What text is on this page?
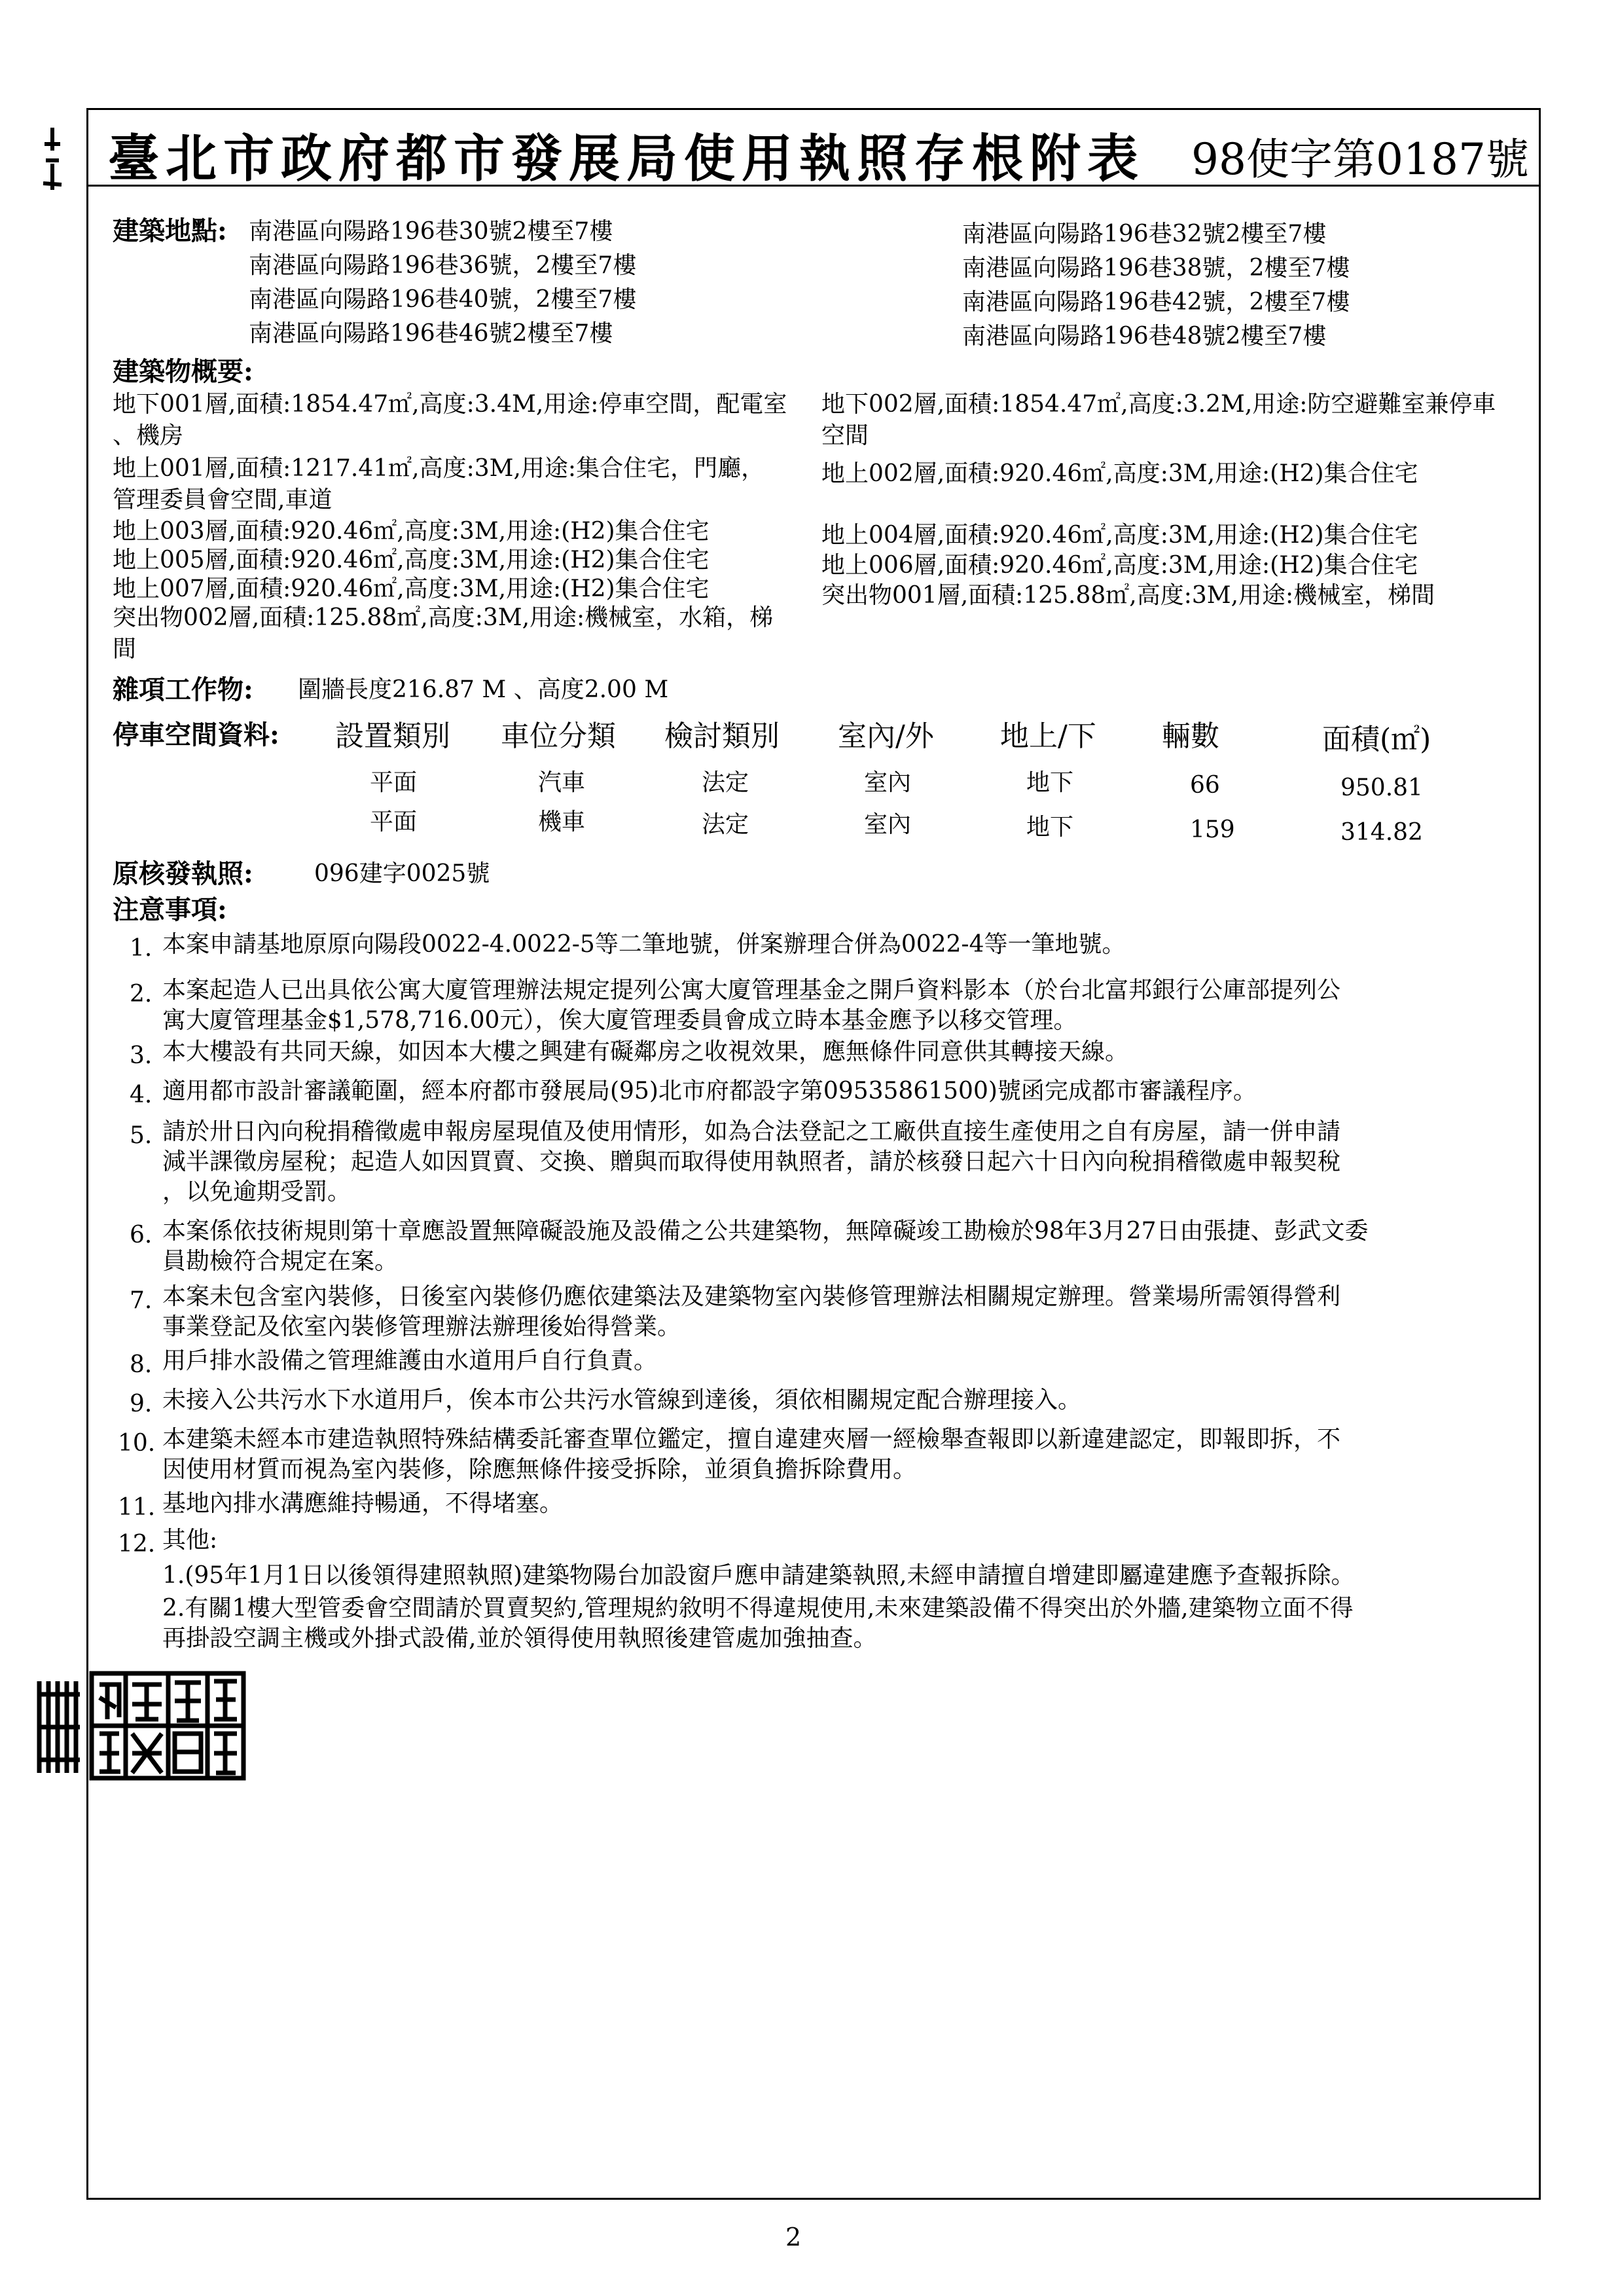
臺北市政府都市發展局使用執照存根附表 98使字第0187號
建築地點: 南港區向陽路196巷30號2樓至7樓
南港區向陽路196巷36號，2樓至7樓
南港區向陽路196巷40號，2樓至7樓
南港區向陽路196巷46號2樓至7樓
南港區向陽路196巷32號2樓至7樓
南港區向陽路196巷38號，2樓至7樓
南港區向陽路196巷42號，2樓至7樓
南港區向陽路196巷48號2樓至7樓
建築物概要:
地下001層,面積:1854.47㎡,高度:3.4M,用途:停車空間，配電室
、機房
地下002層,面積:1854.47㎡,高度:3.2M,用途:防空避難室兼停車
空間
地上001層,面積:1217.41㎡,高度:3M,用途:集合住宅，門廳，
管理委員會空間,車道
地上002層,面積:920.46㎡,高度:3M,用途:(H2)集合住宅
地上003層,面積:920.46㎡,高度:3M,用途:(H2)集合住宅	地上004層,面積:920.46㎡,高度:3M,用途:(H2)集合住宅
地上005層,面積:920.46㎡,高度:3M,用途:(H2)集合住宅	地上006層,面積:920.46㎡,高度:3M,用途:(H2)集合住宅
地上007層,面積:920.46㎡,高度:3M,用途:(H2)集合住宅	突出物001層,面積:125.88㎡,高度:3M,用途:機械室，梯間
突出物002層,面積:125.88㎡,高度:3M,用途:機械室，水箱，梯
間
雜項工作物: 圍牆長度216.87 M 、高度2.00 M
停車空間資料: 設置類別 車位分類 檢討類別 室內/外 地上/下 輛數	面積(㎡)
平面	汽車	法定	室內	地下	66	950.81
平面	機車	法定	室內	地下	159	314.82
原核發執照:	096建字0025號
注意事項:
1. 本案申請基地原原向陽段0022-4.0022-5等二筆地號，併案辦理合併為0022-4等一筆地號。
2. 本案起造人已出具依公寓大廈管理辦法規定提列公寓大廈管理基金之開戶資料影本（於台北富邦銀行公庫部提列公
寓大廈管理基金$1,578,716.00元），俟大廈管理委員會成立時本基金應予以移交管理。
3. 本大樓設有共同天線，如因本大樓之興建有礙鄰房之收視效果，應無條件同意供其轉接天線。
4. 適用都市設計審議範圍，經本府都市發展局(95)北市府都設字第09535861500)號函完成都市審議程序。
5. 請於卅日內向稅捐稽徵處申報房屋現值及使用情形，如為合法登記之工廠供直接生產使用之自有房屋，請一併申請
減半課徵房屋稅；起造人如因買賣、交換、贈與而取得使用執照者，請於核發日起六十日內向稅捐稽徵處申報契稅
，以免逾期受罰。
6. 本案係依技術規則第十章應設置無障礙設施及設備之公共建築物，無障礙竣工勘檢於98年3月27日由張捷、彭武文委
員勘檢符合規定在案。
7. 本案未包含室內裝修，日後室內裝修仍應依建築法及建築物室內裝修管理辦法相關規定辦理。營業場所需領得營利
事業登記及依室內裝修管理辦法辦理後始得營業。
8. 用戶排水設備之管理維護由水道用戶自行負責。
9. 未接入公共污水下水道用戶，俟本市公共污水管線到達後，須依相關規定配合辦理接入。
10. 本建築未經本市建造執照特殊結構委託審查單位鑑定，擅自違建夾層一經檢舉查報即以新違建認定，即報即拆，不
因使用材質而視為室內裝修，除應無條件接受拆除，並須負擔拆除費用。
11. 基地內排水溝應維持暢通，不得堵塞。
12. 其他:
1.(95年1月1日以後領得建照執照)建築物陽台加設窗戶應申請建築執照,未經申請擅自增建即屬違建應予查報拆除。
2.有關1樓大型管委會空間請於買賣契約,管理規約敘明不得違規使用,未來建築設備不得突出於外牆,建築物立面不得
再掛設空調主機或外掛式設備,並於領得使用執照後建管處加強抽查。
2
